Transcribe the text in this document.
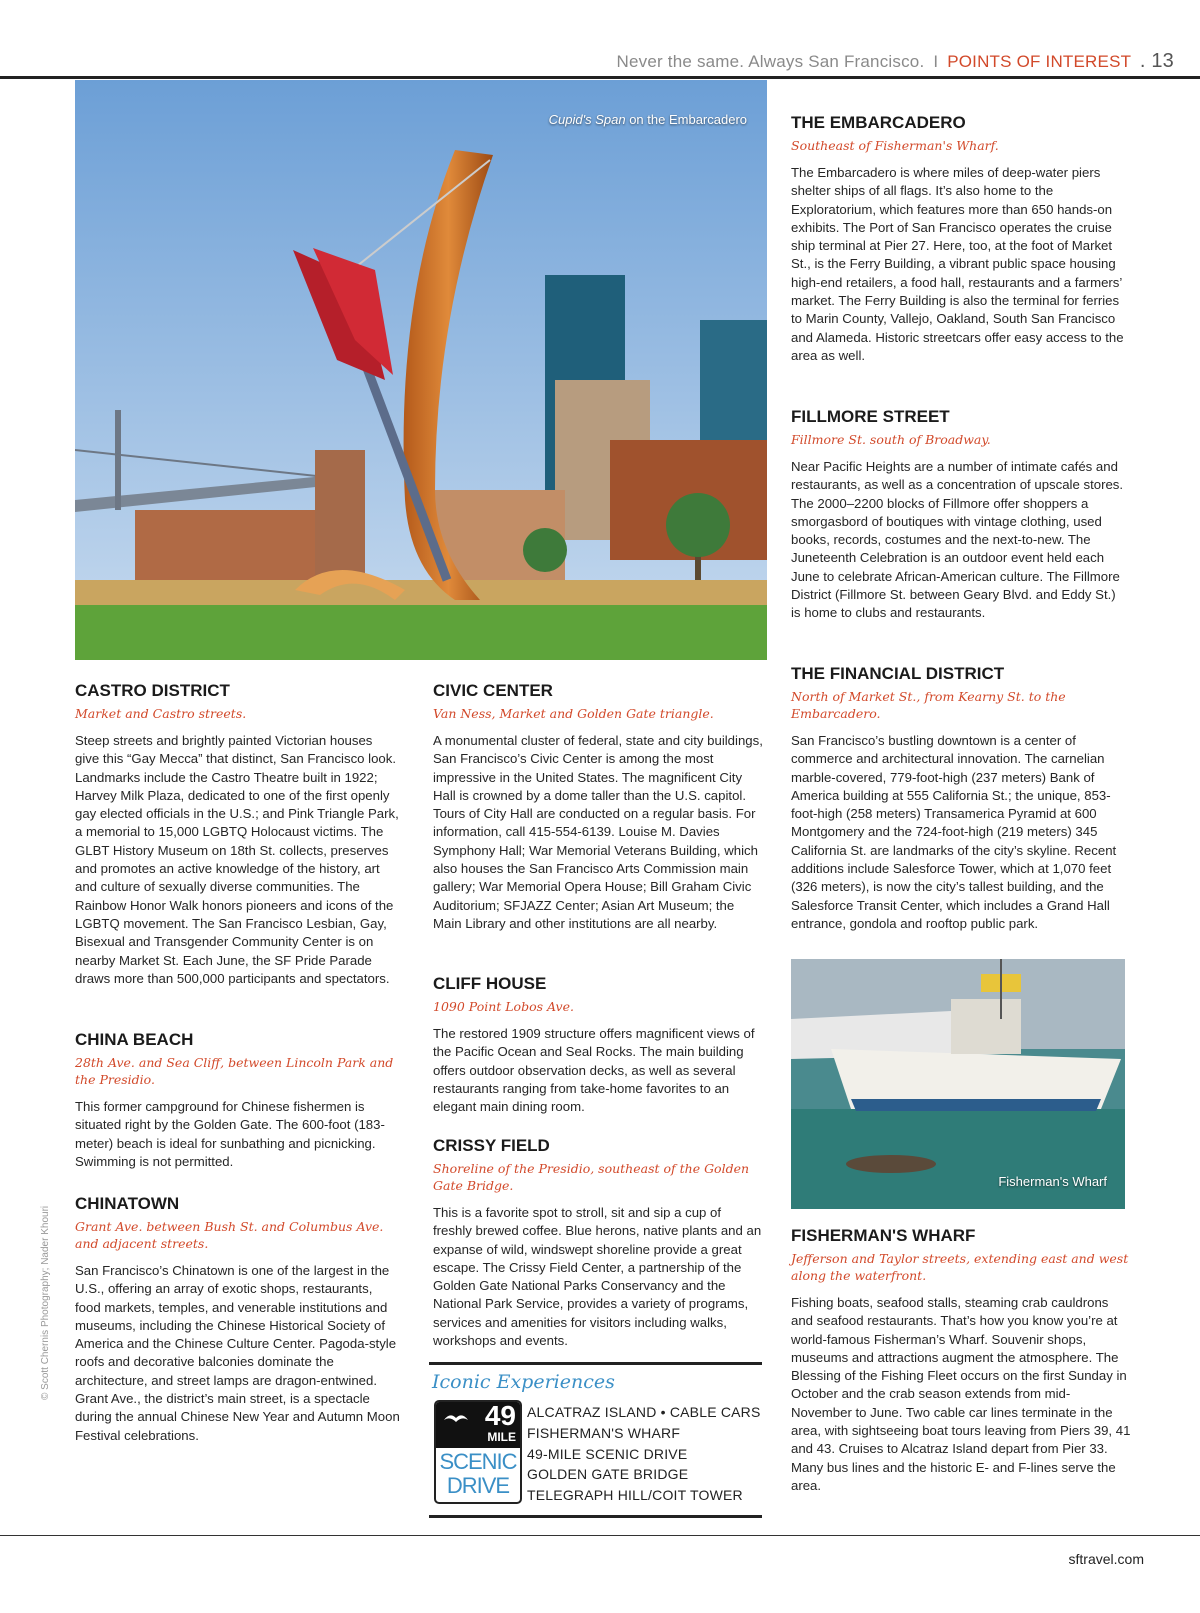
Never the same. Always San Francisco. I POINTS OF INTEREST . 13
© Scott Chernis Photography; Nader Khouri
Cupid's Span on the Embarcadero	THE EMBARCADERO
Southeast of Fisherman's Wharf.

The Embarcadero is where miles of deep-water piers shelter ships of all flags. It’s also home to the Exploratorium, which features more than 650 hands-on exhibits. The Port of San Francisco operates the cruise ship terminal at Pier 27. Here, too, at the foot of Market St., is the Ferry Building, a vibrant public space housing high-end retailers, a food hall, restaurants and a farmers’ market. The Ferry Building is also the terminal for ferries to Marin County, Vallejo, Oakland, South San Francisco and Alameda. Historic streetcars offer easy access to the area as well.

FILLMORE STREET
Fillmore St. south of Broadway.

Near Pacific Heights are a number of intimate cafés and restaurants, as well as a concentration of upscale stores. The 2000–2200 blocks of Fillmore offer shoppers a smorgasbord of boutiques with vintage clothing, used books, records, costumes and the next-to-new. The Juneteenth Celebration is an outdoor event held each June to celebrate African-American culture. The Fillmore District (Fillmore St. between Geary Blvd. and Eddy St.) is home to clubs and restaurants.

THE FINANCIAL DISTRICT
North of Market St., from Kearny St. to the Embarcadero.

San Francisco’s bustling downtown is a center of commerce and architectural innovation. The carnelian marble-covered, 779-foot-high (237 meters) Bank of America building at 555 California St.; the unique, 853-foot-high (258 meters) Transamerica Pyramid at 600 Montgomery and the 724-foot-high (219 meters) 345 California St. are landmarks of the city’s skyline. Recent additions include Salesforce Tower, which at 1,070 feet (326 meters), is now the city’s tallest building, and the Salesforce Transit Center, which includes a Grand Hall entrance, gondola and rooftop public park.

Fisherman's Wharf
FISHERMAN'S WHARF
Jefferson and Taylor streets, extending east and west along the waterfront.

Fishing boats, seafood stalls, steaming crab cauldrons and seafood restaurants. That’s how you know you’re at world-famous Fisherman’s Wharf. Souvenir shops, museums and attractions augment the atmosphere. The Blessing of the Fishing Fleet occurs on the first Sunday in October and the crab season extends from mid-November to June. Two cable car lines terminate in the area, with sightseeing boat tours leaving from Piers 39, 41 and 43. Cruises to Alcatraz Island depart from Pier 33. Many bus lines and the historic E- and F-lines serve the area.

CASTRO DISTRICT
Market and Castro streets.

Steep streets and brightly painted Victorian houses give this “Gay Mecca” that distinct, San Francisco look. Landmarks include the Castro Theatre built in 1922; Harvey Milk Plaza, dedicated to one of the first openly gay elected officials in the U.S.; and Pink Triangle Park, a memorial to 15,000 LGBTQ Holocaust victims. The GLBT History Museum on 18th St. collects, preserves and promotes an active knowledge of the history, art and culture of sexually diverse communities. The Rainbow Honor Walk honors pioneers and icons of the LGBTQ movement. The San Francisco Lesbian, Gay, Bisexual and Transgender Community Center is on nearby Market St. Each June, the SF Pride Parade draws more than 500,000 participants and spectators.

CHINA BEACH
28th Ave. and Sea Cliff, between Lincoln Park and the Presidio.

This former campground for Chinese fishermen is situated right by the Golden Gate. The 600-foot (183-meter) beach is ideal for sunbathing and picnicking. Swimming is not permitted.

CHINATOWN
Grant Ave. between Bush St. and Columbus Ave. and adjacent streets.

San Francisco’s Chinatown is one of the largest in the U.S., offering an array of exotic shops, restaurants, food markets, temples, and venerable institutions and museums, including the Chinese Historical Society of America and the Chinese Culture Center. Pagoda-style roofs and decorative balconies dominate the architecture, and street lamps are dragon-entwined. Grant Ave., the district’s main street, is a spectacle during the annual Chinese New Year and Autumn Moon Festival celebrations.

CIVIC CENTER
Van Ness, Market and Golden Gate triangle.

A monumental cluster of federal, state and city buildings, San Francisco’s Civic Center is among the most impressive in the United States. The magnificent City Hall is crowned by a dome taller than the U.S. capitol. Tours of City Hall are conducted on a regular basis. For information, call 415-554-6139. Louise M. Davies Symphony Hall; War Memorial Veterans Building, which also houses the San Francisco Arts Commission main gallery; War Memorial Opera House; Bill Graham Civic Auditorium; SFJAZZ Center; Asian Art Museum; the Main Library and other institutions are all nearby.

CLIFF HOUSE
1090 Point Lobos Ave.

The restored 1909 structure offers magnificent views of the Pacific Ocean and Seal Rocks. The main building offers outdoor observation decks, as well as several restaurants ranging from take-home favorites to an elegant main dining room.

CRISSY FIELD
Shoreline of the Presidio, southeast of the Golden Gate Bridge.

This is a favorite spot to stroll, sit and sip a cup of freshly brewed coffee. Blue herons, native plants and an expanse of wild, windswept shoreline provide a great escape. The Crissy Field Center, a partnership of the Golden Gate National Parks Conservancy and the National Park Service, provides a variety of programs, services and amenities for visitors including walks, workshops and events.

Iconic Experiences
49
MILE
SCENIC
DRIVE
ALCATRAZ ISLAND • CABLE CARS
FISHERMAN'S WHARF
49-MILE SCENIC DRIVE
GOLDEN GATE BRIDGE
TELEGRAPH HILL/COIT TOWER
sftravel.com
